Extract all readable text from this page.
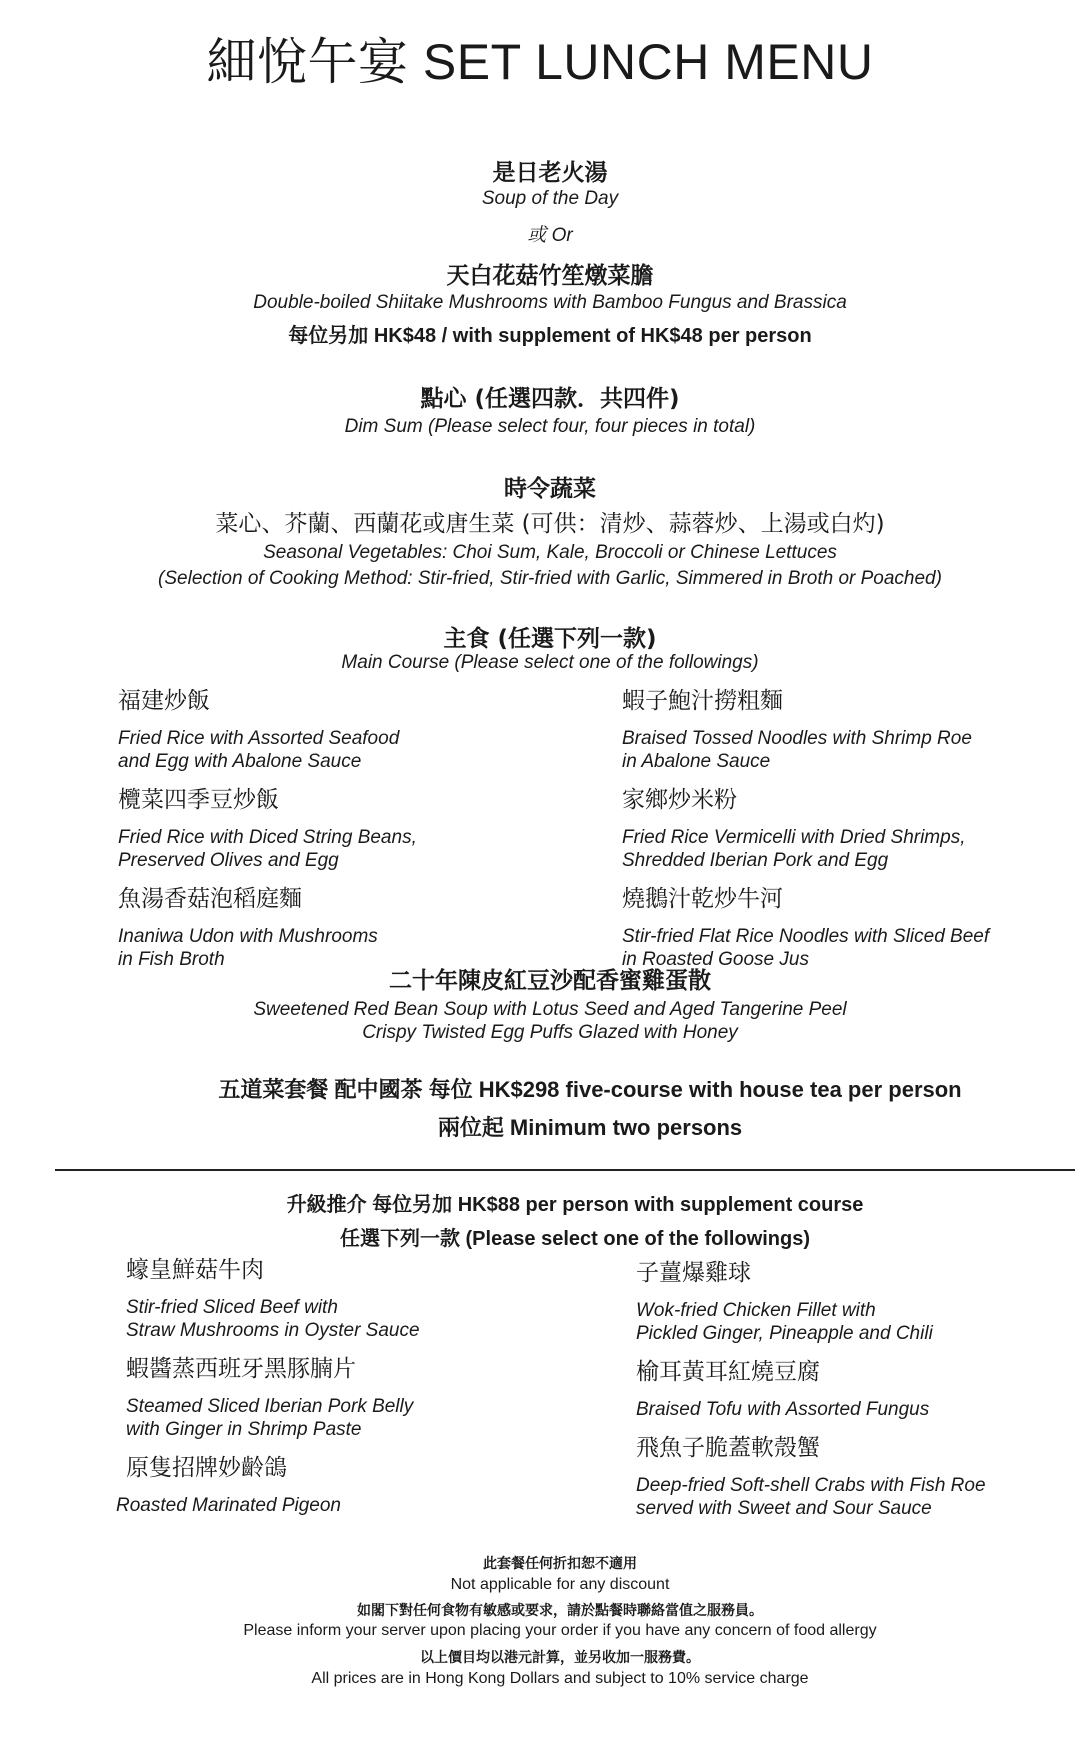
細悅午宴 SET LUNCH MENU
是日老火湯
Soup of the Day
或 Or
天白花菇竹笙燉菜膽
Double-boiled Shiitake Mushrooms with Bamboo Fungus and Brassica
每位另加 HK$48 / with supplement of HK$48 per person
點心 (任選四款．共四件)
Dim Sum (Please select four, four pieces in total)
時令蔬菜
菜心、芥蘭、西蘭花或唐生菜 (可供：清炒、蒜蓉炒、上湯或白灼)
Seasonal Vegetables: Choi Sum, Kale, Broccoli or Chinese Lettuces
(Selection of Cooking Method: Stir-fried, Stir-fried with Garlic, Simmered in Broth or Poached)
主食 (任選下列一款)
Main Course (Please select one of the followings)
福建炒飯
Fried Rice with Assorted Seafood
and Egg with Abalone Sauce
欖菜四季豆炒飯
Fried Rice with Diced String Beans,
Preserved Olives and Egg
魚湯香菇泡稻庭麵
Inaniwa Udon with Mushrooms
in Fish Broth
蝦子鮑汁撈粗麵
Braised Tossed Noodles with Shrimp Roe
in Abalone Sauce
家鄉炒米粉
Fried Rice Vermicelli with Dried Shrimps,
Shredded Iberian Pork and Egg
燒鵝汁乾炒牛河
Stir-fried Flat Rice Noodles with Sliced Beef
in Roasted Goose Jus
二十年陳皮紅豆沙配香蜜雞蛋散
Sweetened Red Bean Soup with Lotus Seed and Aged Tangerine Peel
Crispy Twisted Egg Puffs Glazed with Honey
五道菜套餐 配中國茶 每位 HK$298 five-course with house tea per person
兩位起 Minimum two persons
升級推介 每位另加 HK$88 per person with supplement course
任選下列一款 (Please select one of the followings)
蠔皇鮮菇牛肉
Stir-fried Sliced Beef with
Straw Mushrooms in Oyster Sauce
蝦醬蒸西班牙黑豚腩片
Steamed Sliced Iberian Pork Belly
with Ginger in Shrimp Paste
原隻招牌妙齡鴿
Roasted Marinated Pigeon
子薑爆雞球
Wok-fried Chicken Fillet with
Pickled Ginger, Pineapple and Chili
榆耳黃耳紅燒豆腐
Braised Tofu with Assorted Fungus
飛魚子脆蓋軟殼蟹
Deep-fried Soft-shell Crabs with Fish Roe
served with Sweet and Sour Sauce
此套餐任何折扣恕不適用
Not applicable for any discount
如閣下對任何食物有敏感或要求，請於點餐時聯絡當值之服務員。
Please inform your server upon placing your order if you have any concern of food allergy
以上價目均以港元計算，並另收加一服務費。
All prices are in Hong Kong Dollars and subject to 10% service charge
